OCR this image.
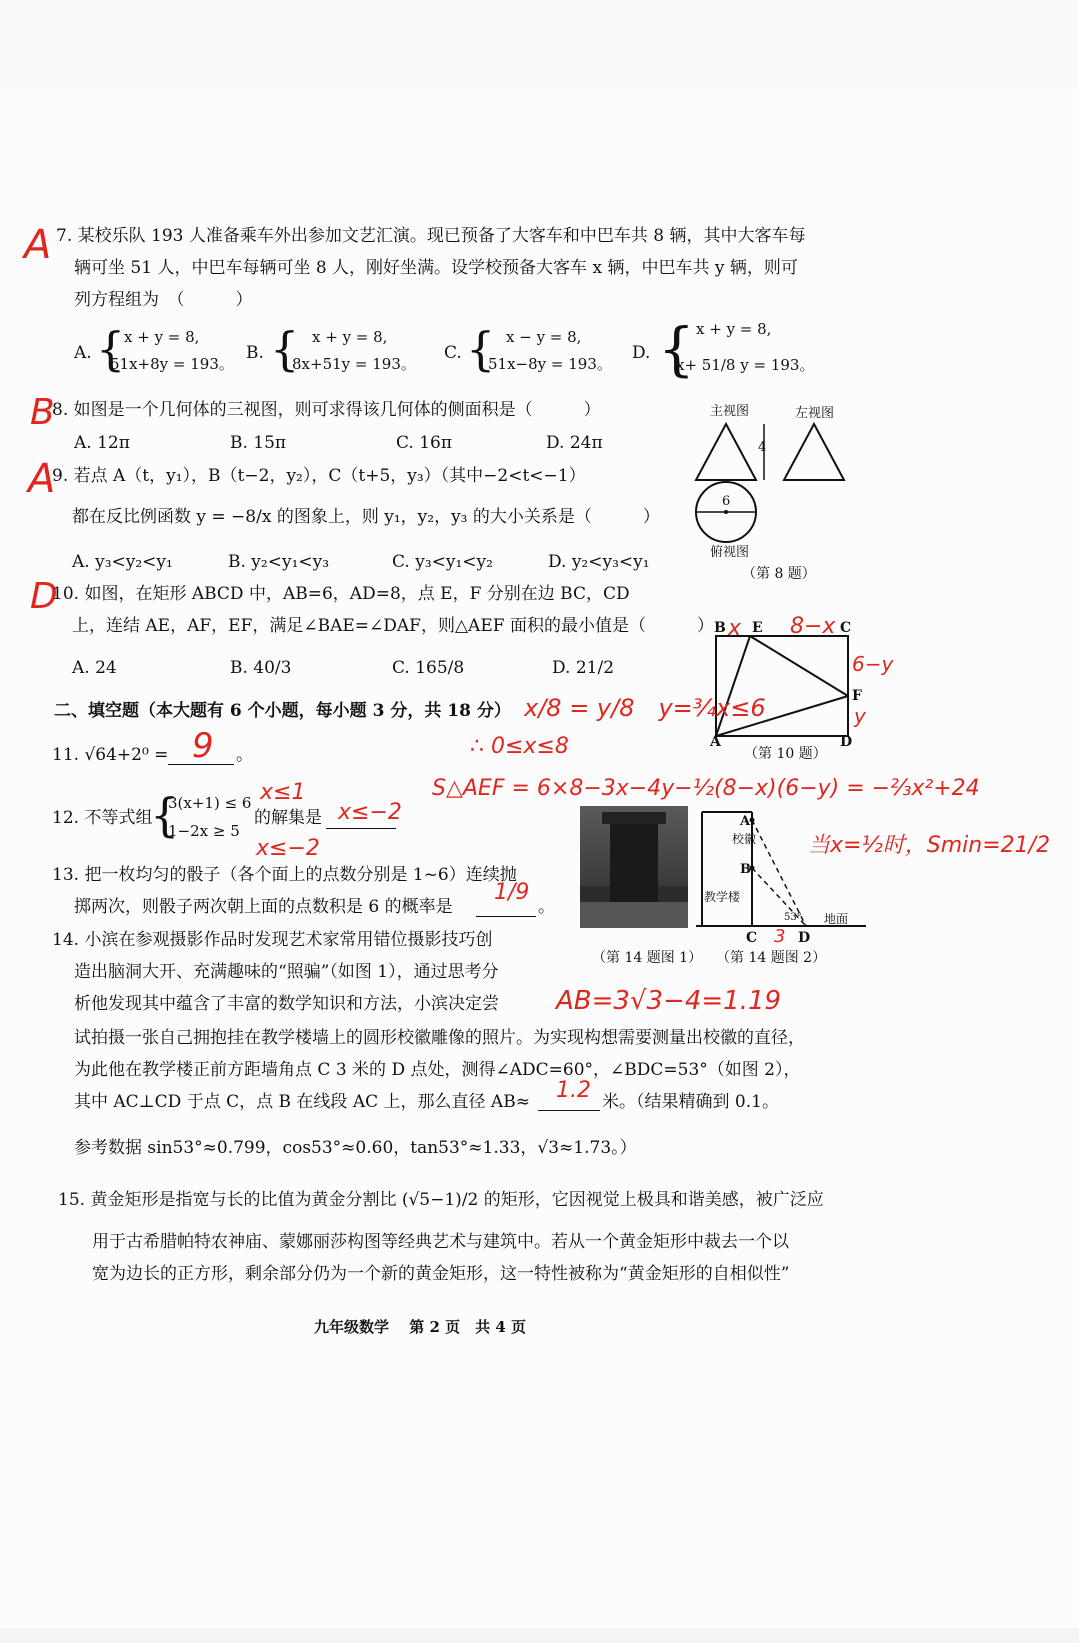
A 7. 某校乐队 193 人准备乘车外出参加文艺汇演。现已预备了大客车和中巴车共 8 辆，其中大客车每
辆可坐 51 人，中巴车每辆可坐 8 人，刚好坐满。设学校预备大客车 x 辆，中巴车共 y 辆，则可
列方程组为　（　　　）
A. {
x + y = 8,
51x+8y = 193。
B. { x + y = 8,
8x+51y = 193。
C. { x − y = 8,
51x−8y = 193。
D. { x + y = 8,
x+ 51/8 y = 193。
B
8. 如图是一个几何体的三视图，则可求得该几何体的侧面积是（　　　）
A. 12π	B. 15π	C. 16π	D. 24π
主视图	左视图
4
6
俯视图
（第 8 题）
A
9. 若点 A（t，y₁），B（t−2，y₂），C（t+5，y₃）（其中−2<t<−1）
都在反比例函数 y = −8/x 的图象上，则 y₁，y₂，y₃ 的大小关系是（　　　）
A. y₃<y₂<y₁	B. y₂<y₁<y₃	C. y₃<y₁<y₂	D. y₂<y₃<y₁
D
10. 如图，在矩形 ABCD 中，AB=6，AD=8，点 E，F 分别在边 BC，CD
上，连结 AE，AF，EF，满足∠BAE=∠DAF，则△AEF 面积的最小值是（　　　）
A. 24	B. 40/3	C. 165/8	D. 21/2
B E	C
F
A	D
（第 10 题）
x 8−x
6−y
y
二、填空题（本大题有 6 个小题，每小题 3 分，共 18 分） x/8 = y/8　y=¾x≤6
∴ 0≤x≤8
S△AEF = 6×8−3x−4y−½(8−x)(6−y) = −⅔x²+24
当x=½时，Smin=21/2
11. √64+2⁰ =	。
9
12. 不等式组
{
3(x+1) ≤ 6
1−2x ≥ 5
的解集是 x≤−2
x≤1
x≤−2
13. 把一枚均匀的骰子（各个面上的点数分别是 1~6）连续抛
掷两次，则骰子两次朝上面的点数积是 6 的概率是	。
1/9
14. 小滨在参观摄影作品时发现艺术家常用错位摄影技巧创
造出脑洞大开、充满趣味的“照骗”（如图 1），通过思考分
析他发现其中蕴含了丰富的数学知识和方法，小滨决定尝
试拍摄一张自己拥抱挂在教学楼墙上的圆形校徽雕像的照片。为实现构想需要测量出校徽的直径，
为此他在教学楼正前方距墙角点 C 3 米的 D 点处，测得∠ADC=60°，∠BDC=53°（如图 2），
其中 AC⊥CD 于点 C，点 B 在线段 AC 上，那么直径 AB≈	米。（结果精确到 0.1。
1.2
AB=3√3−4=1.19
参考数据 sin53°≈0.799，cos53°≈0.60，tan53°≈1.33，√3≈1.73。）
（第 14 题图 1）
A
校徽
B
教学楼
53° 地面
C	D
3
（第 14 题图 2）
15. 黄金矩形是指宽与长的比值为黄金分割比 (√5−1)/2 的矩形，它因视觉上极具和谐美感，被广泛应
用于古希腊帕特农神庙、蒙娜丽莎构图等经典艺术与建筑中。若从一个黄金矩形中裁去一个以
宽为边长的正方形，剩余部分仍为一个新的黄金矩形，这一特性被称为“黄金矩形的自相似性”
九年级数学　 第 2 页　共 4 页
